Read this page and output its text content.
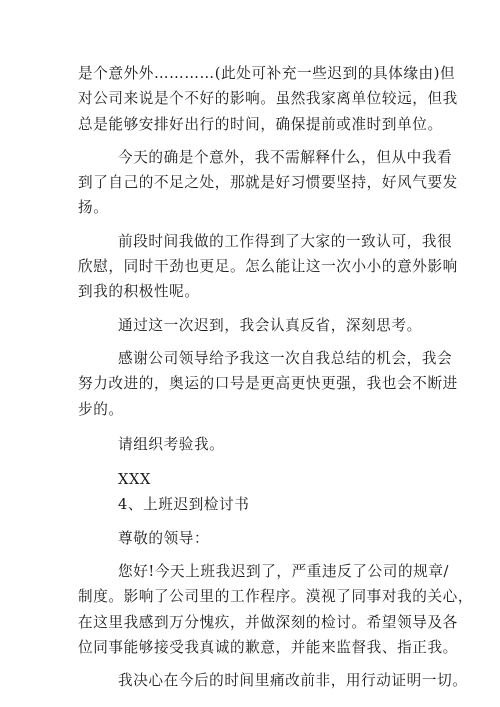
是个意外外…………(此处可补充一些迟到的具体缘由)但
对公司来说是个不好的影响。虽然我家离单位较远，但我
总是能够安排好出行的时间，确保提前或准时到单位。
今天的确是个意外，我不需解释什么，但从中我看
到了自己的不足之处，那就是好习惯要坚持，好风气要发
扬。
前段时间我做的工作得到了大家的一致认可，我很
欣慰，同时干劲也更足。怎么能让这一次小小的意外影响
到我的积极性呢。
通过这一次迟到，我会认真反省，深刻思考。
感谢公司领导给予我这一次自我总结的机会，我会
努力改进的，奥运的口号是更高更快更强，我也会不断进
步的。
请组织考验我。
XXX
4、上班迟到检讨书
尊敬的领导：
您好!今天上班我迟到了，严重违反了公司的规章/
制度。影响了公司里的工作程序。漠视了同事对我的关心，
在这里我感到万分愧疚，并做深刻的检讨。希望领导及各
位同事能够接受我真诚的歉意，并能来监督我、指正我。
我决心在今后的时间里痛改前非，用行动证明一切。
